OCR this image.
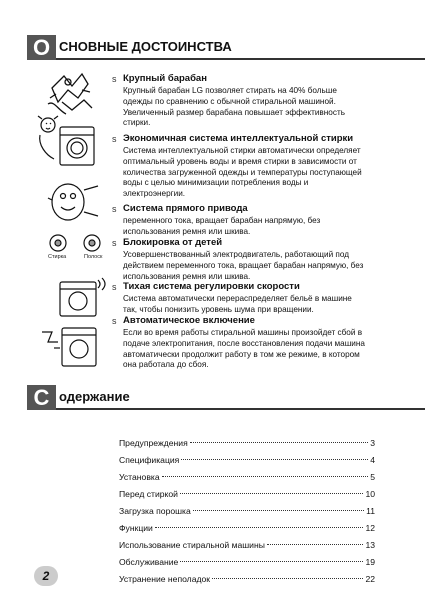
О СНОВНЫЕ ДОСТОИНСТВА
Стирка	Полоск
s Крупный барабан
Крупный барабан LG позволяет стирать на 40% больше
одежды по сравнению с обычной стиральной машиной.
Увеличенный размер барабана повышает эффективность
стирки.
s Экономичная система интеллектуальной стирки
Система интеллектуальной стирки автоматически определяет
оптимальный уровень воды и время стирки в зависимости от
количества загруженной одежды и температуры поступающей
воды с целью минимизации потребления воды и
электроэнергии.
s Система прямого привода
переменного тока, вращает барабан напрямую, без
использования ремня или шкива.
s Блокировка от детей
Усовершенствованный электродвигатель, работающий под
действием переменного тока, вращает барабан напрямую, без
использования ремня или шкива.
s Тихая система регулировки скорости
Система автоматически перераспределяет бельё в машине
так, чтобы понизить уровень шума при вращении.
s Автоматическое включение
Если во время работы стиральной машины произойдет сбой в
подаче электропитания, после восстановления подачи машина
автоматически продолжит работу в том же режиме, в котором
она работала до сбоя.
С одержание
Предупреждения	3
Спецификация	4
Установка	5
Перед стиркой	10
Загрузка порошка	11
Функции	12
Использование стиральной машины	13
Обслуживание	19
Устранение неполадок	22
2
